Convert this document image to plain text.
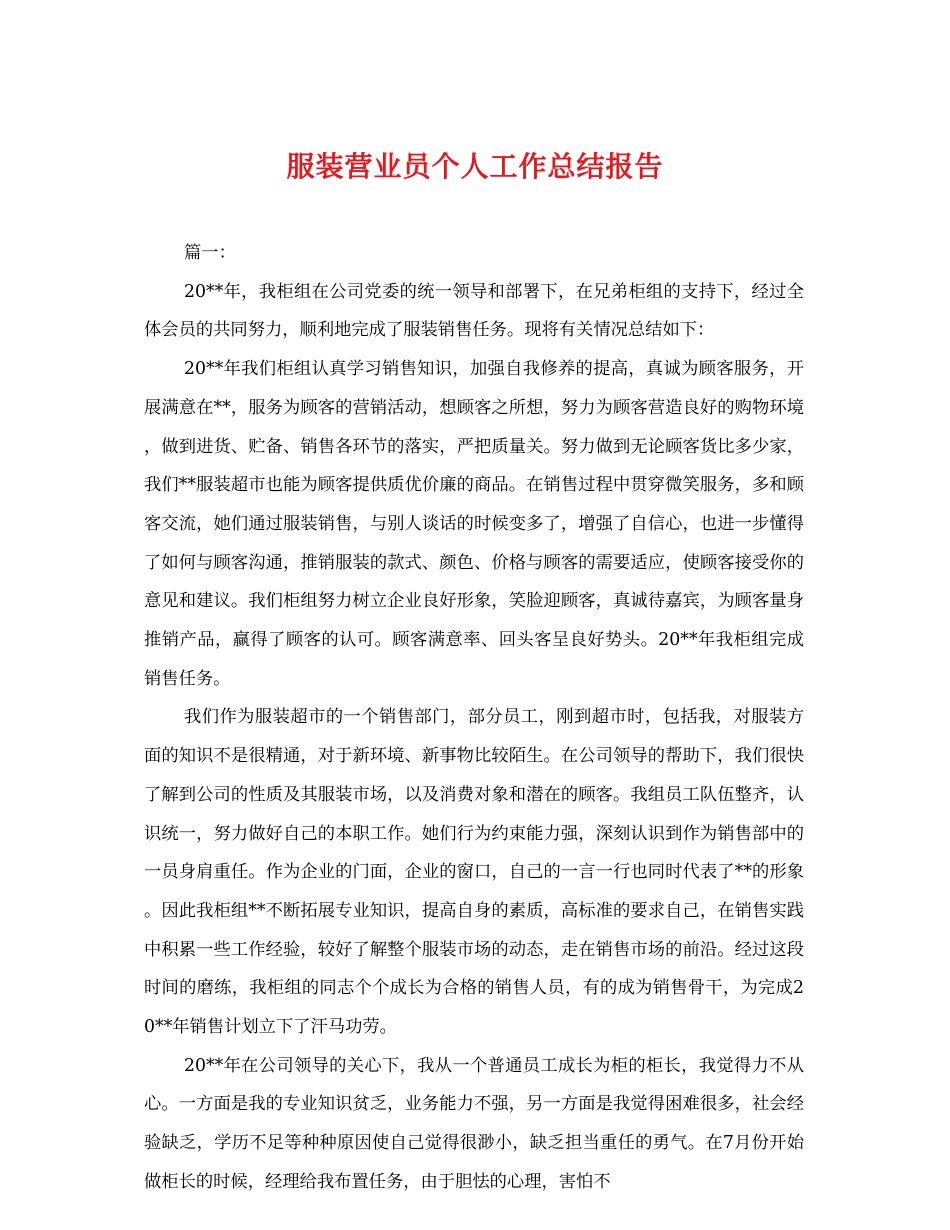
服装营业员个人工作总结报告

篇一：

20**年，我柜组在公司党委的统一领导和部署下，在兄弟柜组的支持下，经过全体会员的共同努力，顺利地完成了服装销售任务。现将有关情况总结如下：

20**年我们柜组认真学习销售知识，加强自我修养的提高，真诚为顾客服务，开展满意在**，服务为顾客的营销活动，想顾客之所想，努力为顾客营造良好的购物环境，做到进货、贮备、销售各环节的落实，严把质量关。努力做到无论顾客货比多少家，我们**服装超市也能为顾客提供质优价廉的商品。在销售过程中贯穿微笑服务，多和顾客交流，她们通过服装销售，与别人谈话的时候变多了，增强了自信心，也进一步懂得了如何与顾客沟通，推销服装的款式、颜色、价格与顾客的需要适应，使顾客接受你的意见和建议。我们柜组努力树立企业良好形象，笑脸迎顾客，真诚待嘉宾，为顾客量身推销产品，赢得了顾客的认可。顾客满意率、回头客呈良好势头。20**年我柜组完成销售任务。

我们作为服装超市的一个销售部门，部分员工，刚到超市时，包括我，对服装方面的知识不是很精通，对于新环境、新事物比较陌生。在公司领导的帮助下，我们很快了解到公司的性质及其服装市场，以及消费对象和潜在的顾客。我组员工队伍整齐，认识统一，努力做好自己的本职工作。她们行为约束能力强，深刻认识到作为销售部中的一员身肩重任。作为企业的门面，企业的窗口，自己的一言一行也同时代表了**的形象。因此我柜组**不断拓展专业知识，提高自身的素质，高标准的要求自己，在销售实践中积累一些工作经验，较好了解整个服装市场的动态，走在销售市场的前沿。经过这段时间的磨练，我柜组的同志个个成长为合格的销售人员，有的成为销售骨干，为完成20**年销售计划立下了汗马功劳。

20**年在公司领导的关心下，我从一个普通员工成长为柜的柜长，我觉得力不从心。一方面是我的专业知识贫乏，业务能力不强，另一方面是我觉得困难很多，社会经验缺乏，学历不足等种种原因使自己觉得很渺小，缺乏担当重任的勇气。在7月份开始做柜长的时候，经理给我布置任务，由于胆怯的心理，害怕不
